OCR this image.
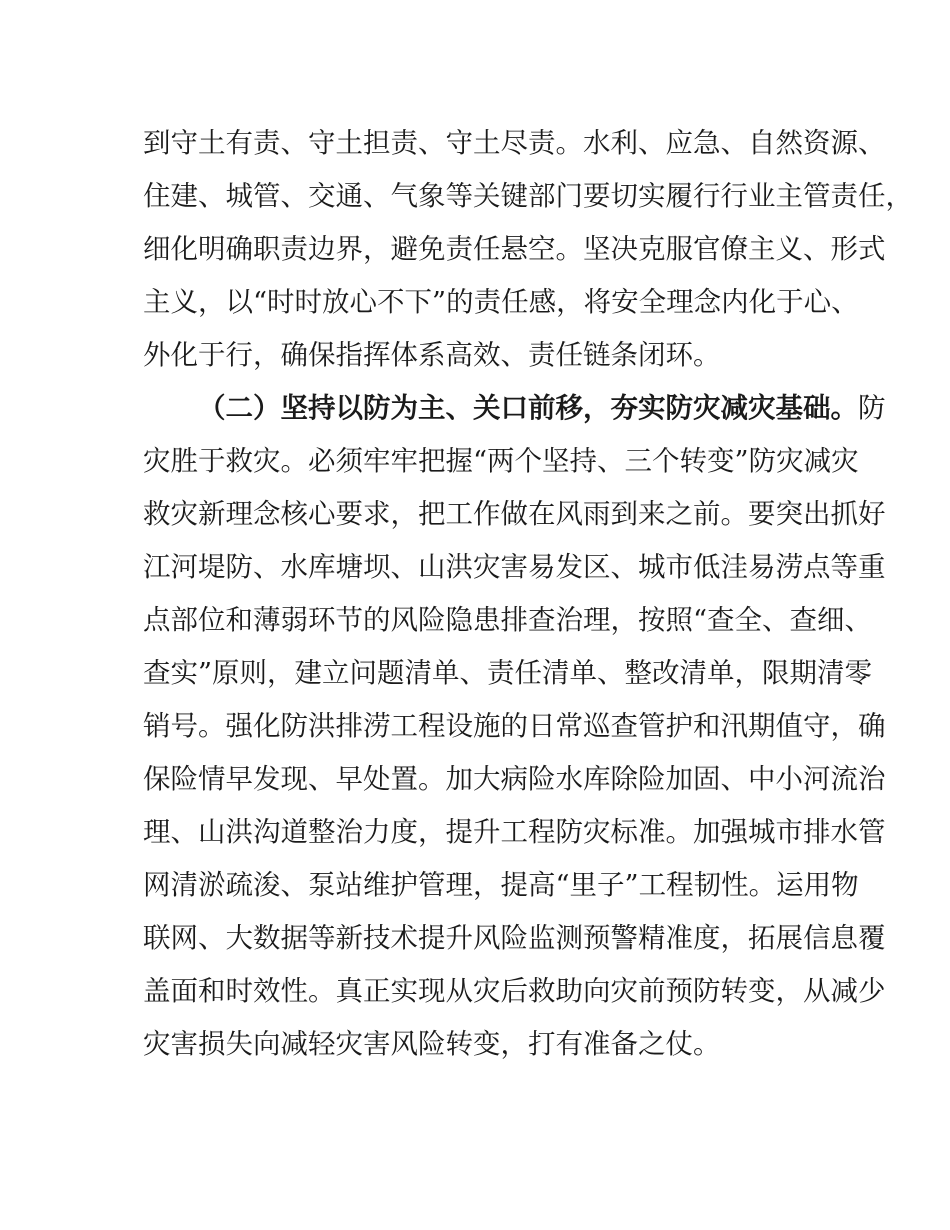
到守土有责、守土担责、守土尽责。水利、应急、自然资源、
住建、城管、交通、气象等关键部门要切实履行行业主管责任，
细化明确职责边界，避免责任悬空。坚决克服官僚主义、形式
主义，以“时时放心不下”的责任感，将安全理念内化于心、
外化于行，确保指挥体系高效、责任链条闭环。
（二）坚持以防为主、关口前移，夯实防灾减灾基础。防
灾胜于救灾。必须牢牢把握“两个坚持、三个转变”防灾减灾
救灾新理念核心要求，把工作做在风雨到来之前。要突出抓好
江河堤防、水库塘坝、山洪灾害易发区、城市低洼易涝点等重
点部位和薄弱环节的风险隐患排查治理，按照“查全、查细、
查实”原则，建立问题清单、责任清单、整改清单，限期清零
销号。强化防洪排涝工程设施的日常巡查管护和汛期值守，确
保险情早发现、早处置。加大病险水库除险加固、中小河流治
理、山洪沟道整治力度，提升工程防灾标准。加强城市排水管
网清淤疏浚、泵站维护管理，提高“里子”工程韧性。运用物
联网、大数据等新技术提升风险监测预警精准度，拓展信息覆
盖面和时效性。真正实现从灾后救助向灾前预防转变，从减少
灾害损失向减轻灾害风险转变，打有准备之仗。
